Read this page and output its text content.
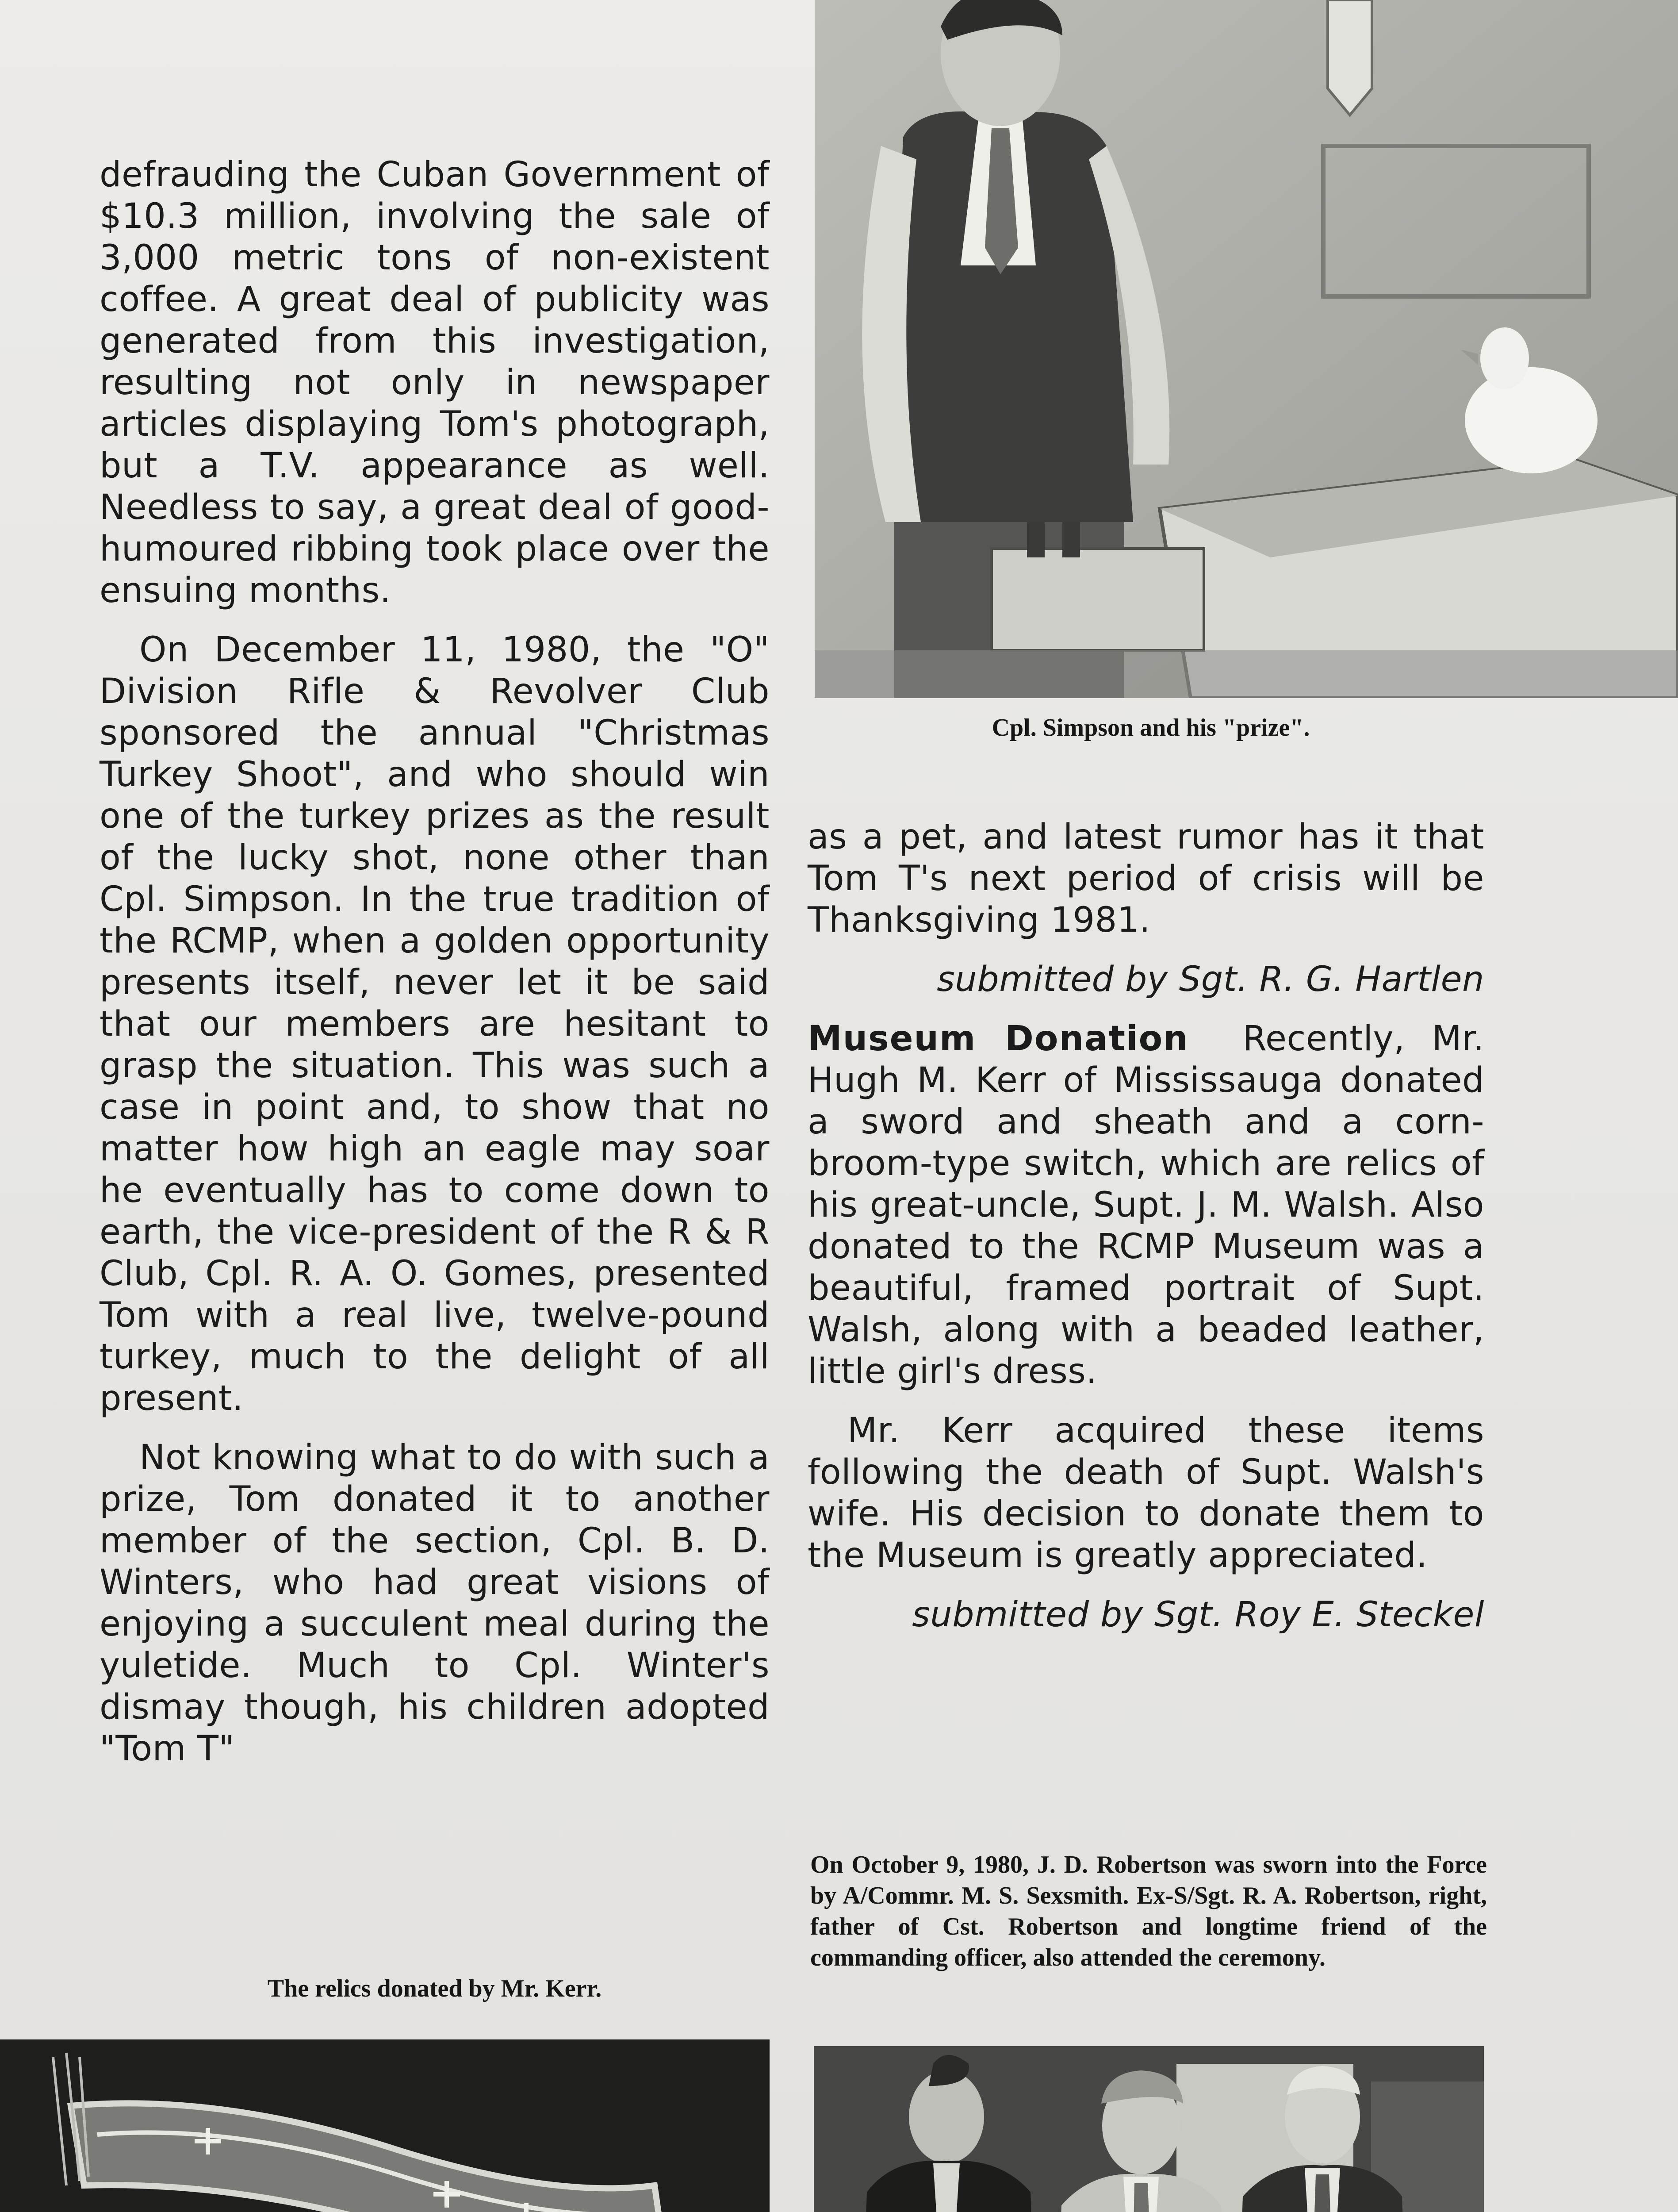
defrauding the Cuban Government of $10.3 million, involving the sale of 3,000 metric tons of non-existent coffee. A great deal of publicity was generated from this investigation, resulting not only in newspaper articles displaying Tom's photograph, but a T.V. appearance as well. Needless to say, a great deal of good-humoured ribbing took place over the ensuing months.

On December 11, 1980, the "O" Division Rifle & Revolver Club sponsored the annual "Christmas Turkey Shoot", and who should win one of the turkey prizes as the result of the lucky shot, none other than Cpl. Simpson. In the true tradition of the RCMP, when a golden opportunity presents itself, never let it be said that our members are hesitant to grasp the situation. This was such a case in point and, to show that no matter how high an eagle may soar he eventually has to come down to earth, the vice-president of the R & R Club, Cpl. R. A. O. Gomes, presented Tom with a real live, twelve-pound turkey, much to the delight of all present.

Not knowing what to do with such a prize, Tom donated it to another member of the section, Cpl. B. D. Winters, who had great visions of enjoying a succulent meal during the yuletide. Much to Cpl. Winter's dismay though, his children adopted "Tom T"

Cpl. Simpson and his "prize".

as a pet, and latest rumor has it that Tom T's next period of crisis will be Thanksgiving 1981.

submitted by Sgt. R. G. Hartlen

Museum Donation Recently, Mr. Hugh M. Kerr of Mississauga donated a sword and sheath and a corn-broom-type switch, which are relics of his great-uncle, Supt. J. M. Walsh. Also donated to the RCMP Museum was a beautiful, framed portrait of Supt. Walsh, along with a beaded leather, little girl's dress.

Mr. Kerr acquired these items following the death of Supt. Walsh's wife. His decision to donate them to the Museum is greatly appreciated.

submitted by Sgt. Roy E. Steckel

The relics donated by Mr. Kerr.
On October 9, 1980, J. D. Robertson was sworn into the Force by A/Commr. M. S. Sexsmith. Ex-S/Sgt. R. A. Robertson, right, father of Cst. Robertson and longtime friend of the commanding officer, also attended the ceremony.
